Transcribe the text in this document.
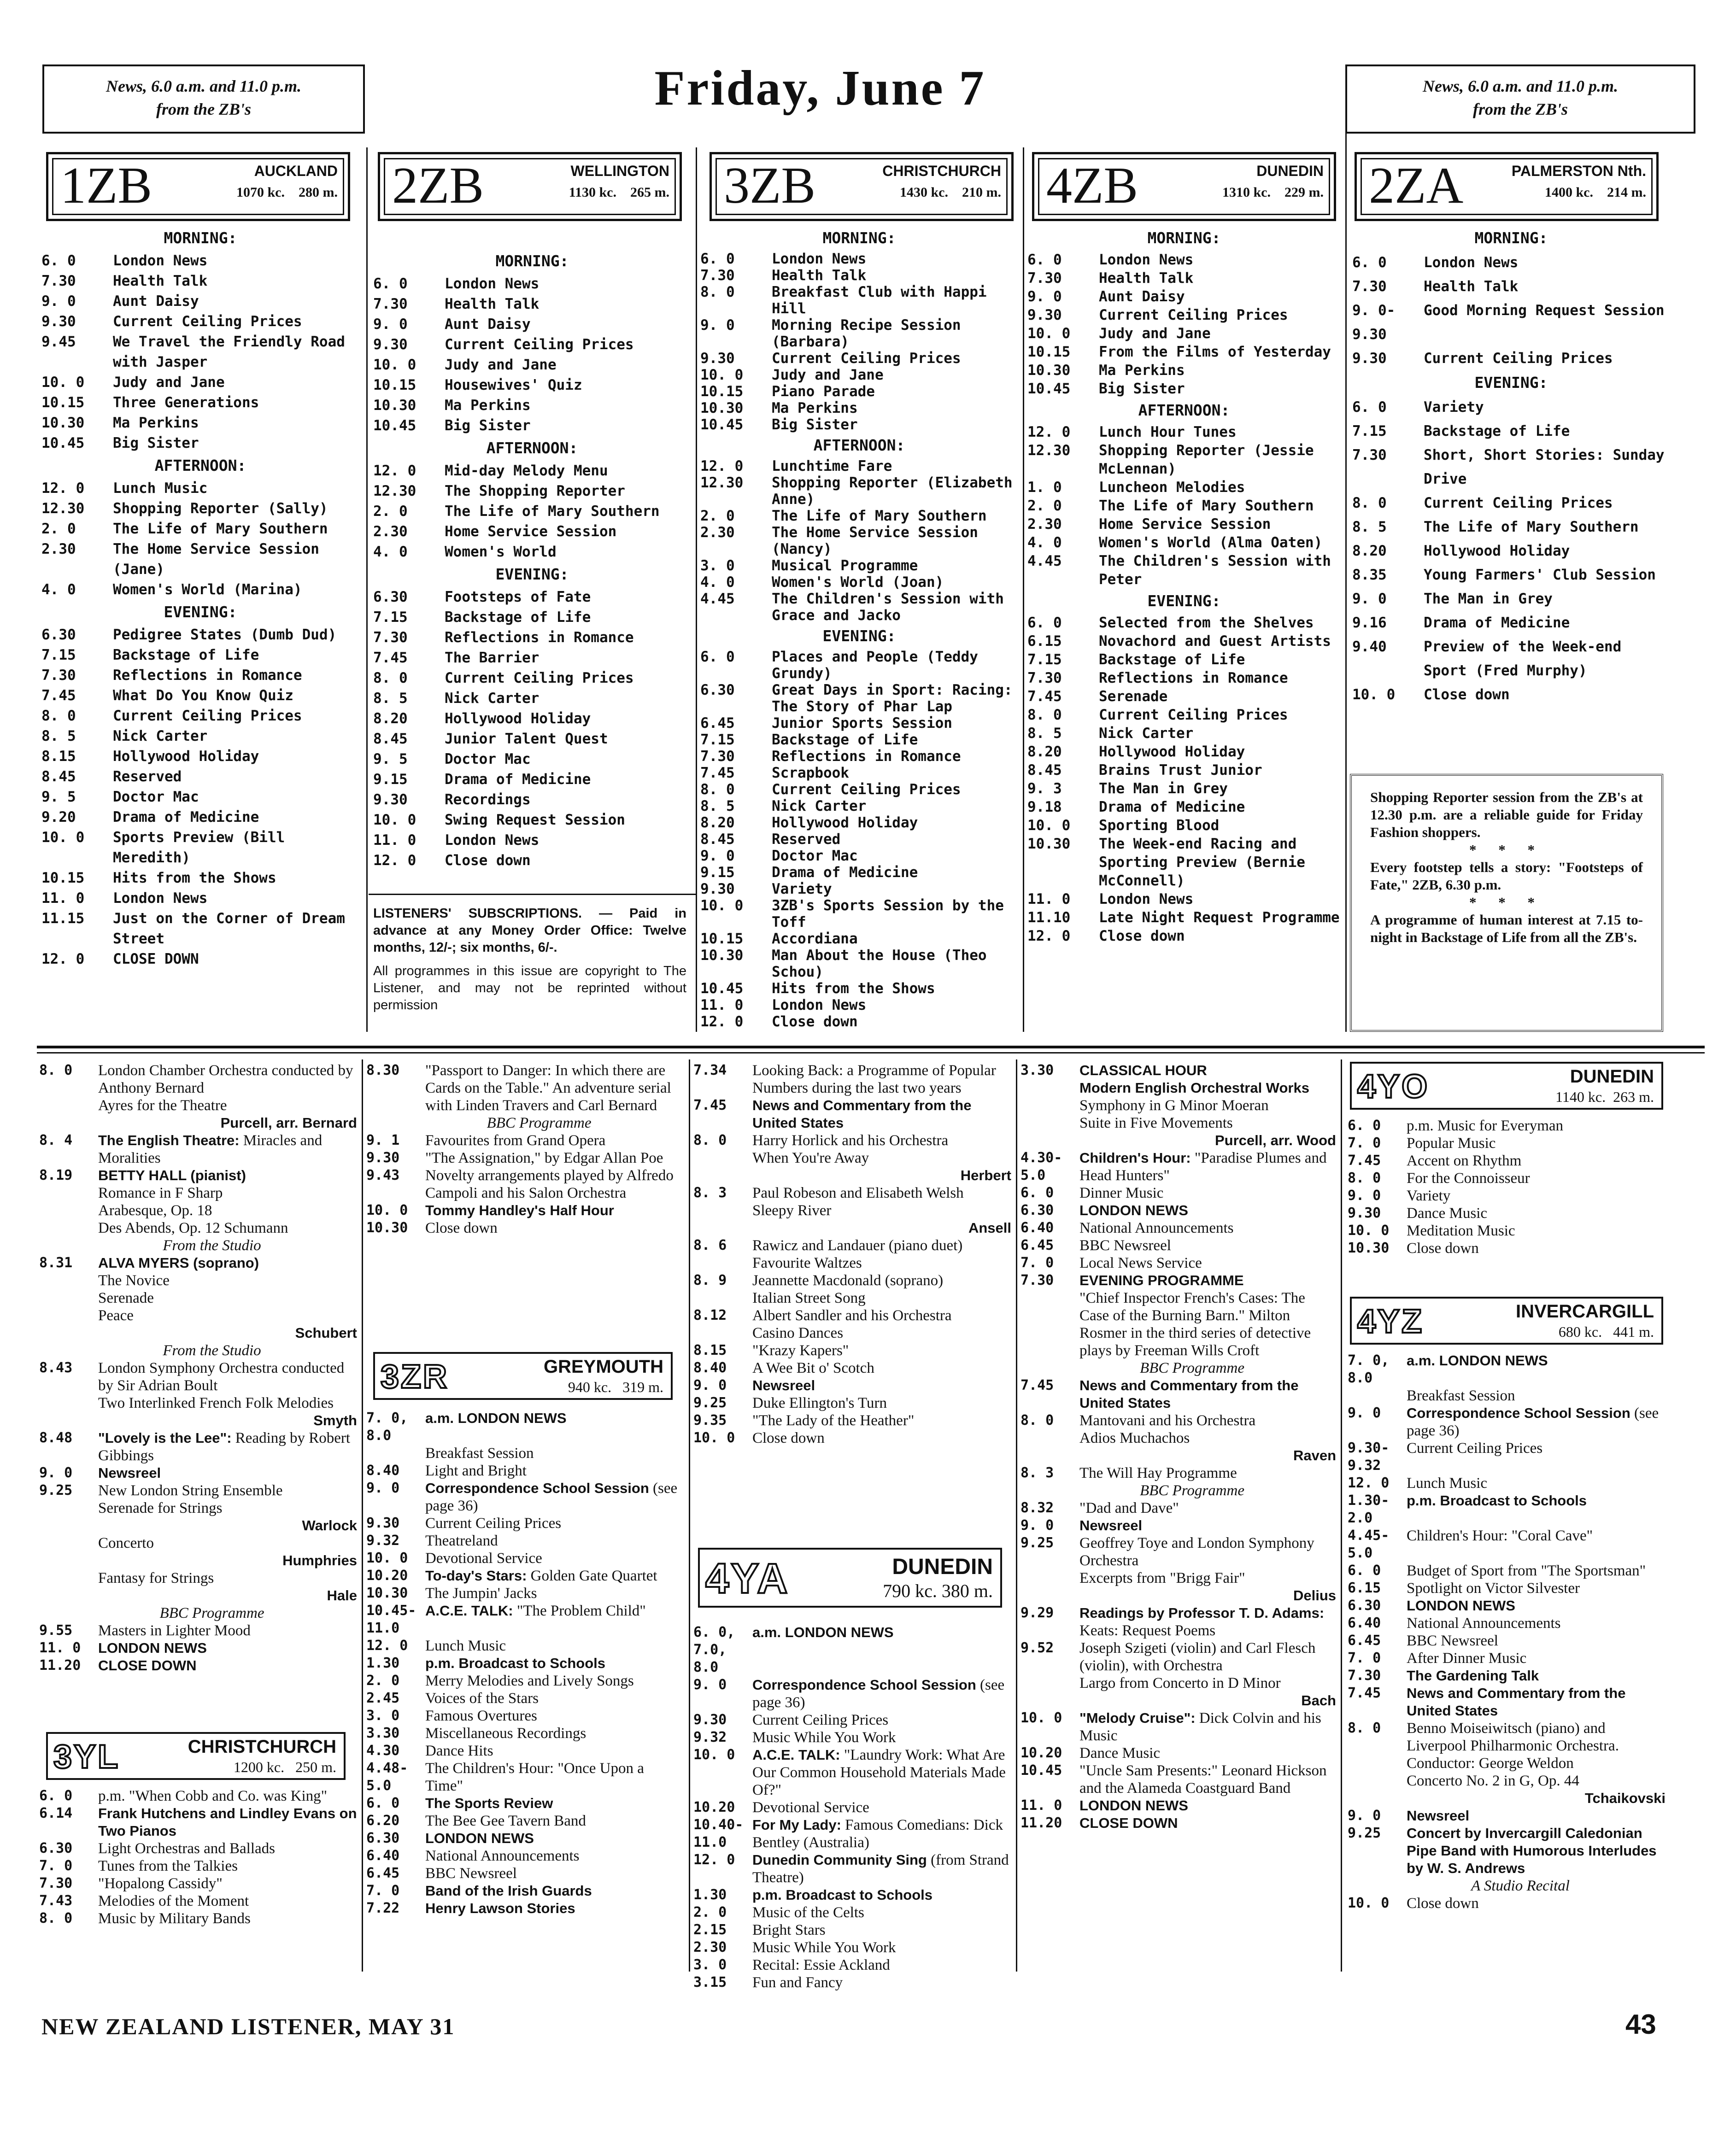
News, 6.0 a.m. and 11.0 p.m.
from the ZB's	Friday, June 7	News, 6.0 a.m. and 11.0 p.m.
from the ZB's
1ZB	AUCKLAND
1070 kc.    280 m. 2ZB	WELLINGTON
1130 kc.    265 m. 3ZB	CHRISTCHURCH
1430 kc.    210 m. 4ZB	DUNEDIN
1310 kc.    229 m. 2ZA	PALMERSTON Nth.
1400 kc.    214 m.
MORNING:
6. 0	London News
7.30	Health Talk
9. 0	Aunt Daisy
9.30	Current Ceiling Prices
9.45	We Travel the Friendly Road with Jasper
10. 0	Judy and Jane
10.15	Three Generations
10.30	Ma Perkins
10.45	Big Sister
AFTERNOON:
12. 0	Lunch Music
12.30	Shopping Reporter (Sally)
2. 0	The Life of Mary Southern
2.30	The Home Service Session (Jane)
4. 0	Women's World (Marina)
EVENING:
6.30	Pedigree States (Dumb Dud)
7.15	Backstage of Life
7.30	Reflections in Romance
7.45	What Do You Know Quiz
8. 0	Current Ceiling Prices
8. 5	Nick Carter
8.15	Hollywood Holiday
8.45	Reserved
9. 5	Doctor Mac
9.20	Drama of Medicine
10. 0	Sports Preview (Bill Meredith)
10.15	Hits from the Shows
11. 0	London News
11.15	Just on the Corner of Dream Street
12. 0	CLOSE DOWN
MORNING:
6. 0	London News
7.30	Health Talk
9. 0	Aunt Daisy
9.30	Current Ceiling Prices
10. 0	Judy and Jane
10.15	Housewives' Quiz
10.30	Ma Perkins
10.45	Big Sister
AFTERNOON:
12. 0	Mid-day Melody Menu
12.30	The Shopping Reporter
2. 0	The Life of Mary Southern
2.30	Home Service Session
4. 0	Women's World
EVENING:
6.30	Footsteps of Fate
7.15	Backstage of Life
7.30	Reflections in Romance
7.45	The Barrier
8. 0	Current Ceiling Prices
8. 5	Nick Carter
8.20	Hollywood Holiday
8.45	Junior Talent Quest
9. 5	Doctor Mac
9.15	Drama of Medicine
9.30	Recordings
10. 0	Swing Request Session
11. 0	London News
12. 0	Close down
MORNING:
6. 0	London News
7.30	Health Talk
8. 0	Breakfast Club with Happi Hill
9. 0	Morning Recipe Session (Barbara)
9.30	Current Ceiling Prices
10. 0	Judy and Jane
10.15	Piano Parade
10.30	Ma Perkins
10.45	Big Sister
AFTERNOON:
12. 0	Lunchtime Fare
12.30	Shopping Reporter (Elizabeth Anne)
2. 0	The Life of Mary Southern
2.30	The Home Service Session (Nancy)
3. 0	Musical Programme
4. 0	Women's World (Joan)
4.45	The Children's Session with Grace and Jacko
EVENING:
6. 0	Places and People (Teddy Grundy)
6.30	Great Days in Sport: Racing: The Story of Phar Lap
6.45	Junior Sports Session
7.15	Backstage of Life
7.30	Reflections in Romance
7.45	Scrapbook
8. 0	Current Ceiling Prices
8. 5	Nick Carter
8.20	Hollywood Holiday
8.45	Reserved
9. 0	Doctor Mac
9.15	Drama of Medicine
9.30	Variety
10. 0	3ZB's Sports Session by the Toff
10.15	Accordiana
10.30	Man About the House (Theo Schou)
10.45	Hits from the Shows
11. 0	London News
12. 0	Close down
MORNING:
6. 0	London News
7.30	Health Talk
9. 0	Aunt Daisy
9.30	Current Ceiling Prices
10. 0	Judy and Jane
10.15	From the Films of Yesterday
10.30	Ma Perkins
10.45	Big Sister
AFTERNOON:
12. 0	Lunch Hour Tunes
12.30	Shopping Reporter (Jessie McLennan)
1. 0	Luncheon Melodies
2. 0	The Life of Mary Southern
2.30	Home Service Session
4. 0	Women's World (Alma Oaten)
4.45	The Children's Session with Peter
EVENING:
6. 0	Selected from the Shelves
6.15	Novachord and Guest Artists
7.15	Backstage of Life
7.30	Reflections in Romance
7.45	Serenade
8. 0	Current Ceiling Prices
8. 5	Nick Carter
8.20	Hollywood Holiday
8.45	Brains Trust Junior
9. 3	The Man in Grey
9.18	Drama of Medicine
10. 0	Sporting Blood
10.30	The Week-end Racing and Sporting Preview (Bernie McConnell)
11. 0	London News
11.10	Late Night Request Programme
12. 0	Close down
MORNING:
6. 0	London News
7.30	Health Talk
9. 0-9.30
Good Morning Request Session
9.30	Current Ceiling Prices
EVENING:
6. 0	Variety
7.15	Backstage of Life
7.30	Short, Short Stories: Sunday Drive
8. 0	Current Ceiling Prices
8. 5	The Life of Mary Southern
8.20	Hollywood Holiday
8.35	Young Farmers' Club Session
9. 0	The Man in Grey
9.16	Drama of Medicine
9.40	Preview of the Week-end Sport (Fred Murphy)
10. 0	Close down
LISTENERS' SUBSCRIPTIONS. — Paid in advance at any Money Order Office: Twelve months, 12/-; six months, 6/-.
All programmes in this issue are copyright to The Listener, and may not be reprinted without permission
Shopping Reporter session from the ZB's at 12.30 p.m. are a reliable guide for Friday Fashion shoppers.
* * *
Every footstep tells a story: "Footsteps of Fate," 2ZB, 6.30 p.m.
* * *
A programme of human interest at 7.15 to-night in Backstage of Life from all the ZB's.
8. 0	London Chamber Orchestra conducted by Anthony Bernard
Ayres for the Theatre
Purcell, arr. Bernard
8. 4	The English Theatre: Miracles and Moralities
8.19	BETTY HALL (pianist)
Romance in F Sharp
Arabesque, Op. 18
Des Abends, Op. 12 Schumann
From the Studio
8.31	ALVA MYERS (soprano)
The Novice
Serenade
Peace
Schubert
From the Studio
8.43	London Symphony Orchestra conducted by Sir Adrian Boult
Two Interlinked French Folk Melodies
Smyth
8.48	"Lovely is the Lee": Reading by Robert Gibbings
9. 0	Newsreel
9.25	New London String Ensemble
Serenade for Strings
Warlock
Concerto
Humphries
Fantasy for Strings
Hale
BBC Programme
9.55	Masters in Lighter Mood
11. 0	LONDON NEWS
11.20	CLOSE DOWN
3YL	CHRISTCHURCH
1200 kc.   250 m.
6. 0	p.m. "When Cobb and Co. was King"
6.14	Frank Hutchens and Lindley Evans on Two Pianos
6.30	Light Orchestras and Ballads
7. 0	Tunes from the Talkies
7.30	"Hopalong Cassidy"
7.43	Melodies of the Moment
8. 0	Music by Military Bands
8.30	"Passport to Danger: In which there are Cards on the Table." An adventure serial with Linden Travers and Carl Bernard
BBC Programme
9. 1	Favourites from Grand Opera
9.30	"The Assignation," by Edgar Allan Poe
9.43	Novelty arrangements played by Alfredo Campoli and his Salon Orchestra
10. 0	Tommy Handley's Half Hour
10.30	Close down
3ZR	GREYMOUTH
940 kc.   319 m.
7. 0, 8.0
a.m. LONDON NEWS
Breakfast Session
8.40	Light and Bright
9. 0	Correspondence School Session (see page 36)
9.30	Current Ceiling Prices
9.32	Theatreland
10. 0	Devotional Service
10.20	To-day's Stars: Golden Gate Quartet
10.30	The Jumpin' Jacks
10.45-11.0
A.C.E. TALK: "The Problem Child"
12. 0	Lunch Music
1.30	p.m. Broadcast to Schools
2. 0	Merry Melodies and Lively Songs
2.45	Voices of the Stars
3. 0	Famous Overtures
3.30	Miscellaneous Recordings
4.30	Dance Hits
4.48-5.0
The Children's Hour: "Once Upon a Time"
6. 0	The Sports Review
6.20	The Bee Gee Tavern Band
6.30	LONDON NEWS
6.40	National Announcements
6.45	BBC Newsreel
7. 0	Band of the Irish Guards
7.22	Henry Lawson Stories
7.34	Looking Back: a Programme of Popular Numbers during the last two years
7.45	News and Commentary from the United States
8. 0	Harry Horlick and his Orchestra
When You're Away
Herbert
8. 3	Paul Robeson and Elisabeth Welsh
Sleepy River
Ansell
8. 6	Rawicz and Landauer (piano duet)
Favourite Waltzes
8. 9	Jeannette Macdonald (soprano)
Italian Street Song
8.12	Albert Sandler and his Orchestra
Casino Dances
8.15	"Krazy Kapers"
8.40	A Wee Bit o' Scotch
9. 0	Newsreel
9.25	Duke Ellington's Turn
9.35	"The Lady of the Heather"
10. 0	Close down
4YA	DUNEDIN
790 kc. 380 m.
6. 0, 7.0, 8.0
a.m. LONDON NEWS
9. 0	Correspondence School Session (see page 36)
9.30	Current Ceiling Prices
9.32	Music While You Work
10. 0	A.C.E. TALK: "Laundry Work: What Are Our Common Household Materials Made Of?"
10.20	Devotional Service
10.40-11.0
For My Lady: Famous Comedians: Dick Bentley (Australia)
12. 0	Dunedin Community Sing (from Strand Theatre)
1.30	p.m. Broadcast to Schools
2. 0	Music of the Celts
2.15	Bright Stars
2.30	Music While You Work
3. 0	Recital: Essie Ackland
3.15	Fun and Fancy
3.30	CLASSICAL HOUR
Modern English Orchestral Works
Symphony in G Minor Moeran
Suite in Five Movements
Purcell, arr. Wood
4.30-5.0
Children's Hour: "Paradise Plumes and Head Hunters"
6. 0	Dinner Music
6.30	LONDON NEWS
6.40	National Announcements
6.45	BBC Newsreel
7. 0	Local News Service
7.30	EVENING PROGRAMME
"Chief Inspector French's Cases: The Case of the Burning Barn." Milton Rosmer in the third series of detective plays by Freeman Wills Croft
BBC Programme
7.45	News and Commentary from the United States
8. 0	Mantovani and his Orchestra
Adios Muchachos
Raven
8. 3	The Will Hay Programme
BBC Programme
8.32	"Dad and Dave"
9. 0	Newsreel
9.25	Geoffrey Toye and London Symphony Orchestra
Excerpts from "Brigg Fair"
Delius
9.29	Readings by Professor T. D. Adams: Keats: Request Poems
9.52	Joseph Szigeti (violin) and Carl Flesch (violin), with Orchestra
Largo from Concerto in D Minor
Bach
10. 0	"Melody Cruise": Dick Colvin and his Music
10.20	Dance Music
10.45	"Uncle Sam Presents:" Leonard Hickson and the Alameda Coastguard Band
11. 0	LONDON NEWS
11.20	CLOSE DOWN
4YO	DUNEDIN
1140 kc.  263 m.
6. 0	p.m. Music for Everyman
7. 0	Popular Music
7.45	Accent on Rhythm
8. 0	For the Connoisseur
9. 0	Variety
9.30	Dance Music
10. 0	Meditation Music
10.30	Close down
4YZ	INVERCARGILL
680 kc.   441 m.
7. 0, 8.0
a.m. LONDON NEWS
Breakfast Session
9. 0	Correspondence School Session (see page 36)
9.30-9.32
Current Ceiling Prices
12. 0	Lunch Music
1.30-2.0
p.m. Broadcast to Schools
4.45-5.0
Children's Hour: "Coral Cave"
6. 0	Budget of Sport from "The Sportsman"
6.15	Spotlight on Victor Silvester
6.30	LONDON NEWS
6.40	National Announcements
6.45	BBC Newsreel
7. 0	After Dinner Music
7.30	The Gardening Talk
7.45	News and Commentary from the United States
8. 0	Benno Moiseiwitsch (piano) and Liverpool Philharmonic Orchestra. Conductor: George Weldon
Concerto No. 2 in G, Op. 44
Tchaikovski
9. 0	Newsreel
9.25	Concert by Invercargill Caledonian Pipe Band with Humorous Interludes by W. S. Andrews
A Studio Recital
10. 0	Close down
NEW ZEALAND LISTENER, MAY 31	43
